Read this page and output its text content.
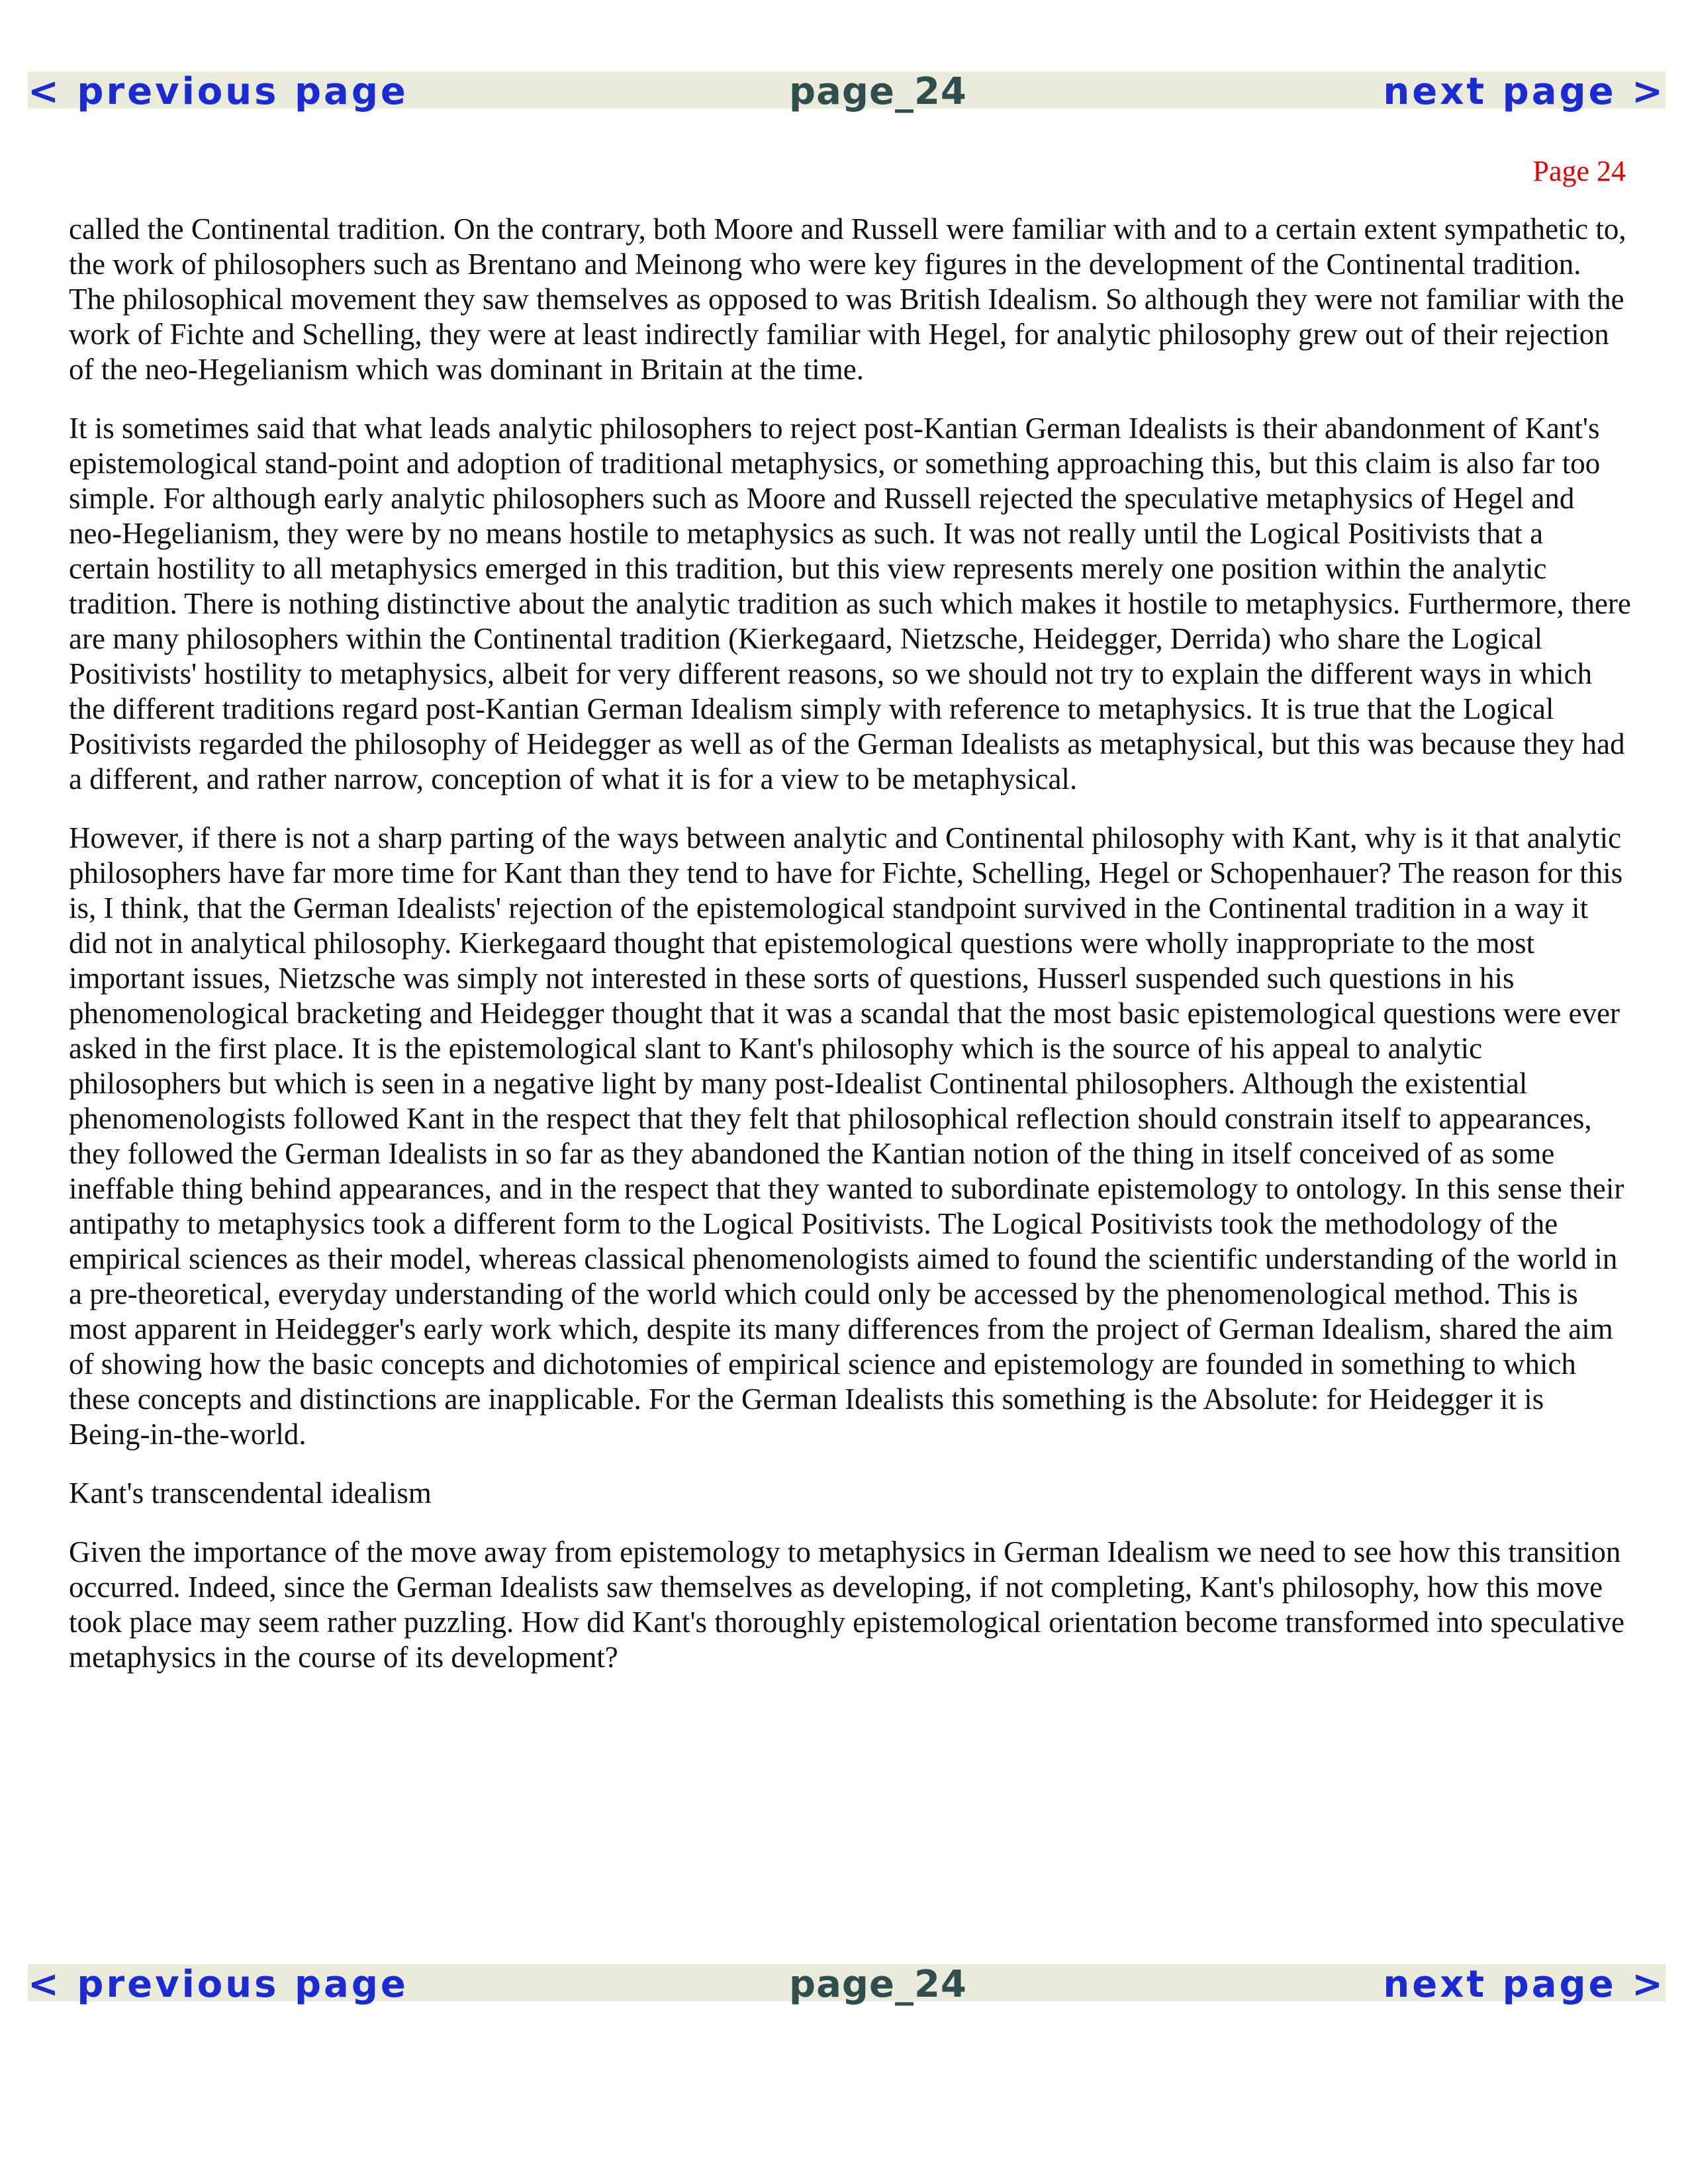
< previous page	page_24	next page >
Page 24

called the Continental tradition. On the contrary, both Moore and Russell were familiar with and to a certain extent sympathetic to, the work of philosophers such as Brentano and Meinong who were key figures in the development of the Continental tradition. The philosophical movement they saw themselves as opposed to was British Idealism. So although they were not familiar with the work of Fichte and Schelling, they were at least indirectly familiar with Hegel, for analytic philosophy grew out of their rejection of the neo-Hegelianism which was dominant in Britain at the time.

It is sometimes said that what leads analytic philosophers to reject post-Kantian German Idealists is their abandonment of Kant's epistemological stand-point and adoption of traditional metaphysics, or something approaching this, but this claim is also far too simple. For although early analytic philosophers such as Moore and Russell rejected the speculative metaphysics of Hegel and neo-Hegelianism, they were by no means hostile to metaphysics as such. It was not really until the Logical Positivists that a certain hostility to all metaphysics emerged in this tradition, but this view represents merely one position within the analytic tradition. There is nothing distinctive about the analytic tradition as such which makes it hostile to metaphysics. Furthermore, there are many philosophers within the Continental tradition (Kierkegaard, Nietzsche, Heidegger, Derrida) who share the Logical Positivists' hostility to metaphysics, albeit for very different reasons, so we should not try to explain the different ways in which the different traditions regard post-Kantian German Idealism simply with reference to metaphysics. It is true that the Logical Positivists regarded the philosophy of Heidegger as well as of the German Idealists as metaphysical, but this was because they had a different, and rather narrow, conception of what it is for a view to be metaphysical.

However, if there is not a sharp parting of the ways between analytic and Continental philosophy with Kant, why is it that analytic philosophers have far more time for Kant than they tend to have for Fichte, Schelling, Hegel or Schopenhauer? The reason for this is, I think, that the German Idealists' rejection of the epistemological standpoint survived in the Continental tradition in a way it did not in analytical philosophy. Kierkegaard thought that epistemological questions were wholly inappropriate to the most important issues, Nietzsche was simply not interested in these sorts of questions, Husserl suspended such questions in his phenomenological bracketing and Heidegger thought that it was a scandal that the most basic epistemological questions were ever asked in the first place. It is the epistemological slant to Kant's philosophy which is the source of his appeal to analytic philosophers but which is seen in a negative light by many post-Idealist Continental philosophers. Although the existential phenomenologists followed Kant in the respect that they felt that philosophical reflection should constrain itself to appearances, they followed the German Idealists in so far as they abandoned the Kantian notion of the thing in itself conceived of as some ineffable thing behind appearances, and in the respect that they wanted to subordinate epistemology to ontology. In this sense their antipathy to metaphysics took a different form to the Logical Positivists. The Logical Positivists took the methodology of the empirical sciences as their model, whereas classical phenomenologists aimed to found the scientific understanding of the world in a pre-theoretical, everyday understanding of the world which could only be accessed by the phenomenological method. This is most apparent in Heidegger's early work which, despite its many differences from the project of German Idealism, shared the aim of showing how the basic concepts and dichotomies of empirical science and epistemology are founded in something to which these concepts and distinctions are inapplicable. For the German Idealists this something is the Absolute: for Heidegger it is Being-in-the-world.

Kant's transcendental idealism

Given the importance of the move away from epistemology to metaphysics in German Idealism we need to see how this transition occurred. Indeed, since the German Idealists saw themselves as developing, if not completing, Kant's philosophy, how this move took place may seem rather puzzling. How did Kant's thoroughly epistemological orientation become transformed into speculative metaphysics in the course of its development?

< previous page	page_24	next page >
